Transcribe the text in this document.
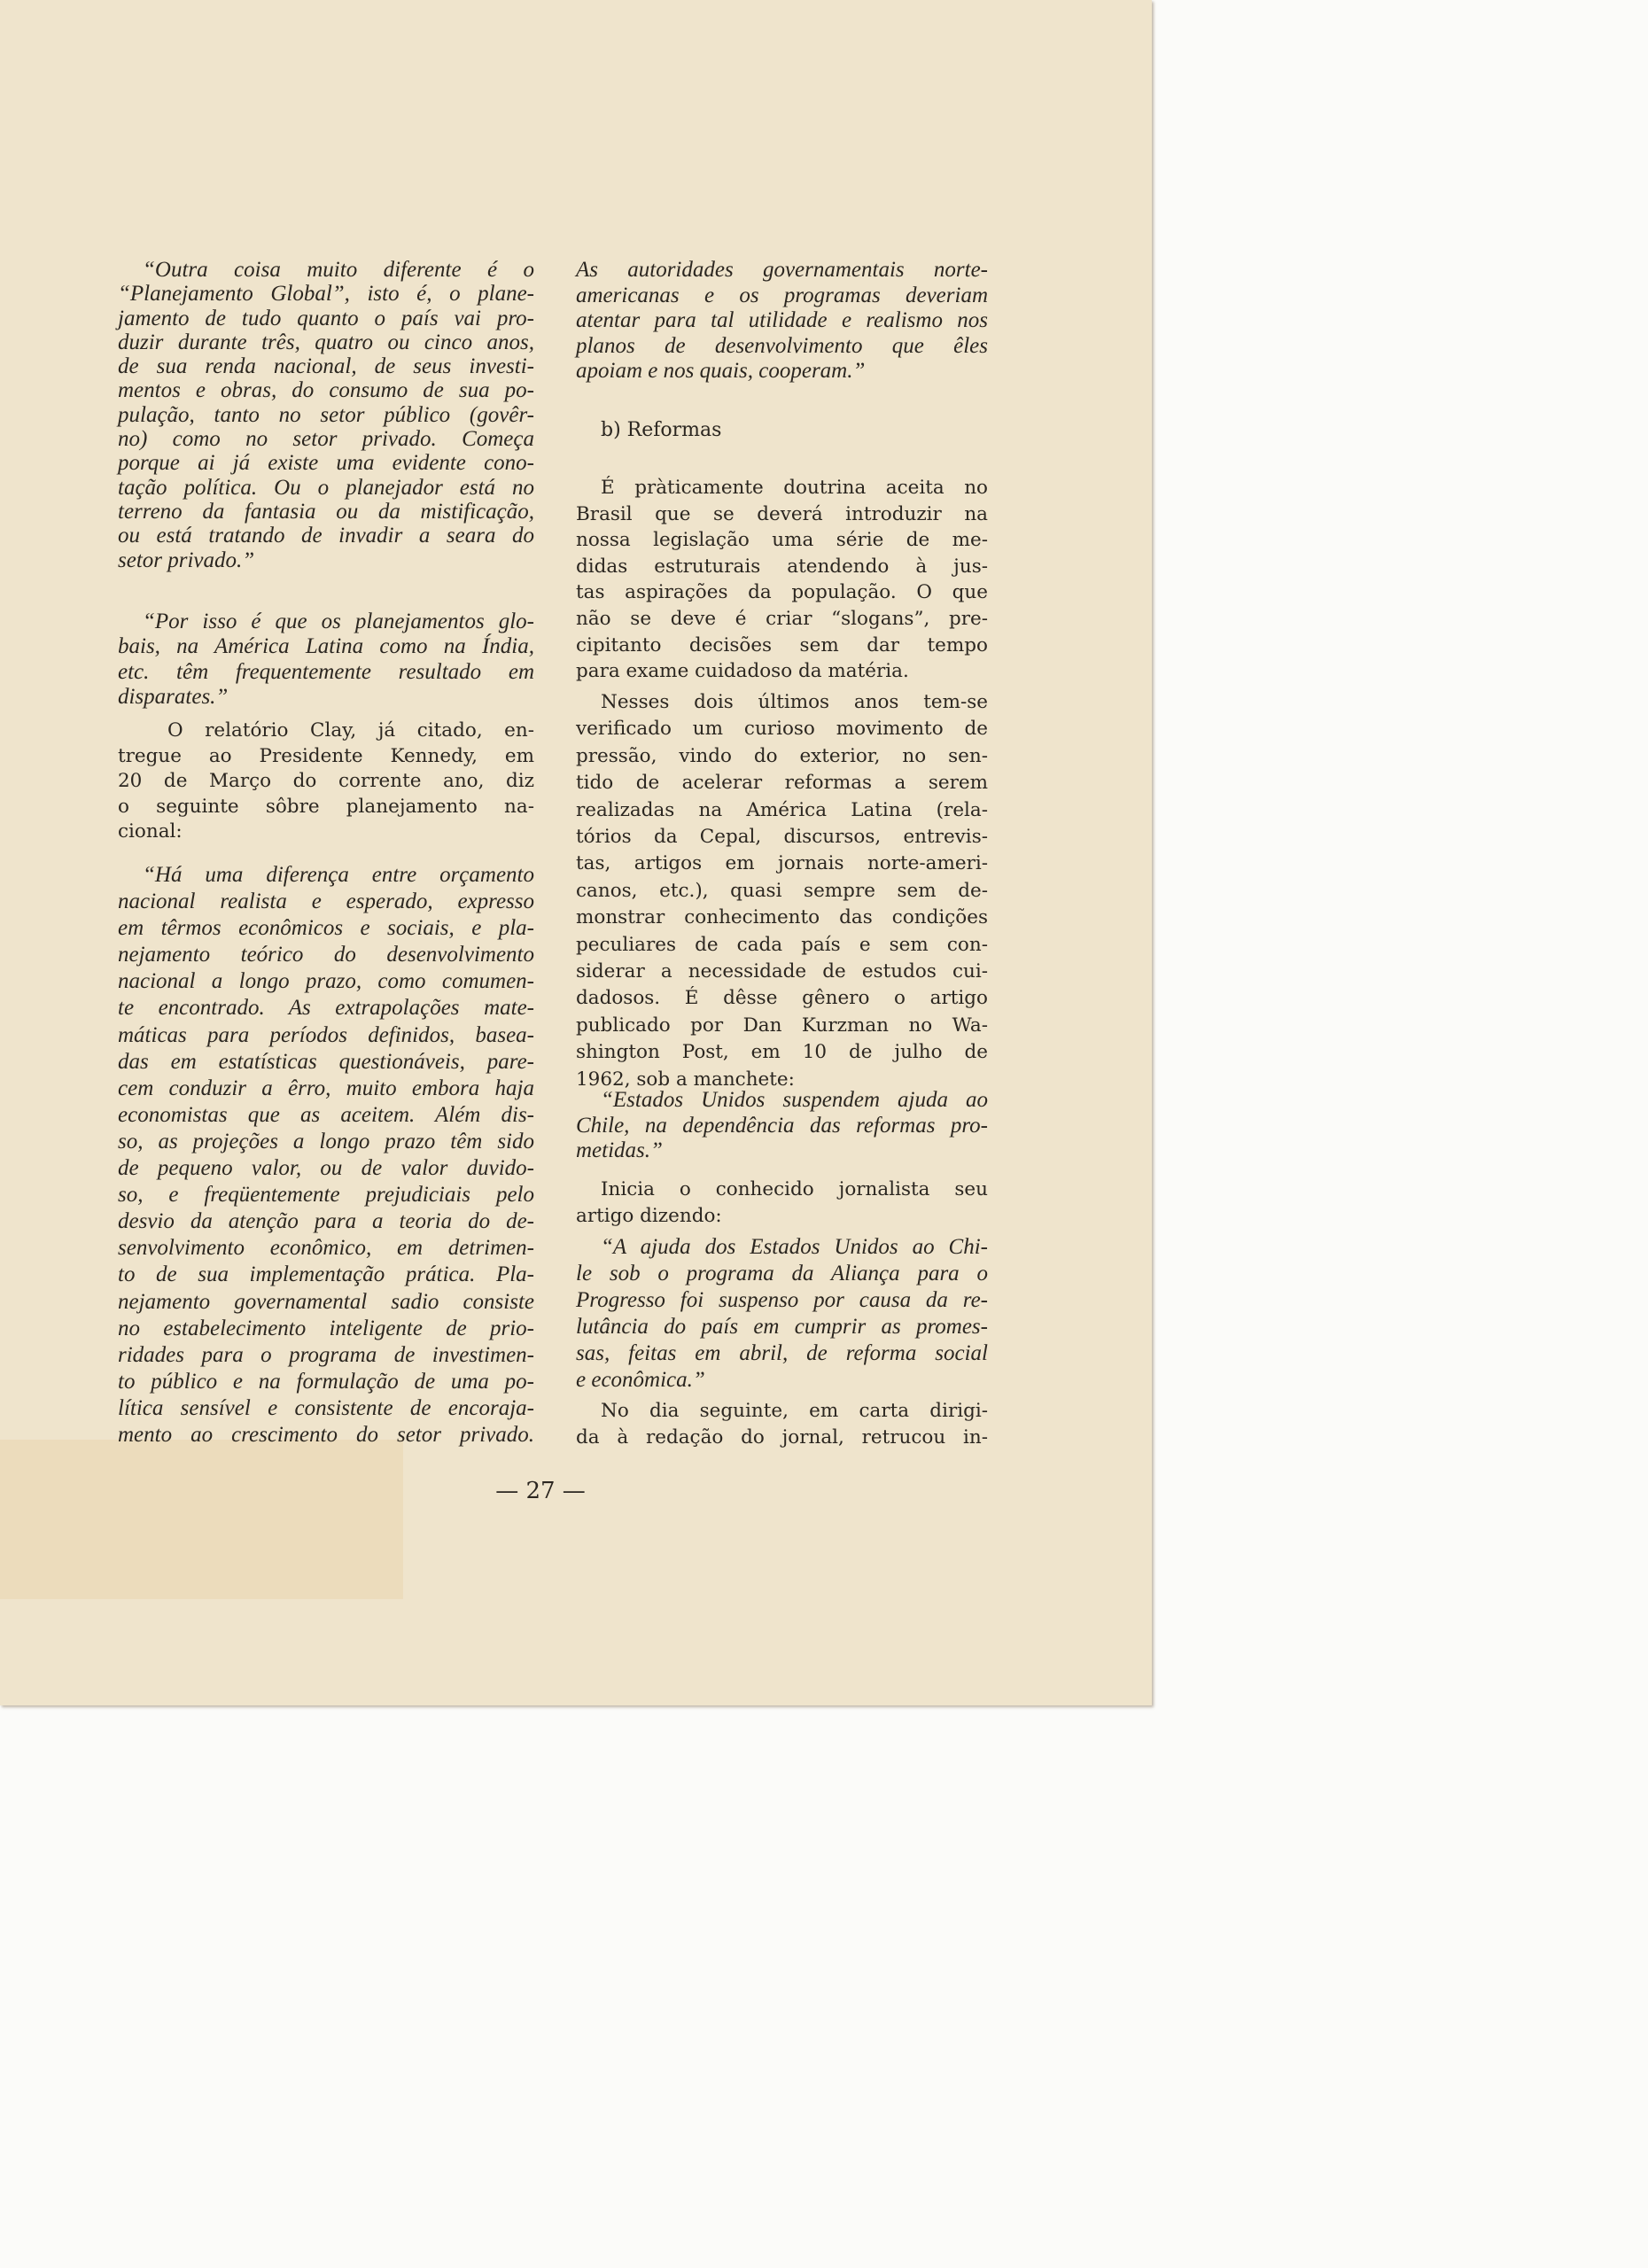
“Outra coisa muito diferente é o
“Planejamento Global”, isto é, o plane-
jamento de tudo quanto o país vai pro-
duzir durante três, quatro ou cinco anos,
de sua renda nacional, de seus investi-
mentos e obras, do consumo de sua po-
pulação, tanto no setor público (govêr-
no) como no setor privado. Começa
porque ai já existe uma evidente cono-
tação política. Ou o planejador está no
terreno da fantasia ou da mistificação,
ou está tratando de invadir a seara do
setor privado.”
“Por isso é que os planejamentos glo-
bais, na América Latina como na Índia,
etc. têm frequentemente resultado em
disparates.”
O relatório Clay, já citado, en-
tregue ao Presidente Kennedy, em
20 de Março do corrente ano, diz
o seguinte sôbre planejamento na-
cional:
“Há uma diferença entre orçamento
nacional realista e esperado, expresso
em têrmos econômicos e sociais, e pla-
nejamento teórico do desenvolvimento
nacional a longo prazo, como comumen-
te encontrado. As extrapolações mate-
máticas para períodos definidos, basea-
das em estatísticas questionáveis, pare-
cem conduzir a êrro, muito embora haja
economistas que as aceitem. Além dis-
so, as projeções a longo prazo têm sido
de pequeno valor, ou de valor duvido-
so, e freqüentemente prejudiciais pelo
desvio da atenção para a teoria do de-
senvolvimento econômico, em detrimen-
to de sua implementação prática. Pla-
nejamento governamental sadio consiste
no estabelecimento inteligente de prio-
ridades para o programa de investimen-
to público e na formulação de uma po-
lítica sensível e consistente de encoraja-
mento ao crescimento do setor privado.
As autoridades governamentais norte-
americanas e os programas deveriam
atentar para tal utilidade e realismo nos
planos de desenvolvimento que êles
apoiam e nos quais, cooperam.”
b) Reformas
É pràticamente doutrina aceita no
Brasil que se deverá introduzir na
nossa legislação uma série de me-
didas estruturais atendendo à jus-
tas aspirações da população. O que
não se deve é criar “slogans”, pre-
cipitanto decisões sem dar tempo
para exame cuidadoso da matéria.
Nesses dois últimos anos tem-se
verificado um curioso movimento de
pressão, vindo do exterior, no sen-
tido de acelerar reformas a serem
realizadas na América Latina (rela-
tórios da Cepal, discursos, entrevis-
tas, artigos em jornais norte-ameri-
canos, etc.), quasi sempre sem de-
monstrar conhecimento das condições
peculiares de cada país e sem con-
siderar a necessidade de estudos cui-
dadosos. É dêsse gênero o artigo
publicado por Dan Kurzman no Wa-
shington Post, em 10 de julho de
1962, sob a manchete:
“Estados Unidos suspendem ajuda ao
Chile, na dependência das reformas pro-
metidas.”
Inicia o conhecido jornalista seu
artigo dizendo:
“A ajuda dos Estados Unidos ao Chi-
le sob o programa da Aliança para o
Progresso foi suspenso por causa da re-
lutância do país em cumprir as promes-
sas, feitas em abril, de reforma social
e econômica.”
No dia seguinte, em carta dirigi-
da à redação do jornal, retrucou in-
— 27 —
